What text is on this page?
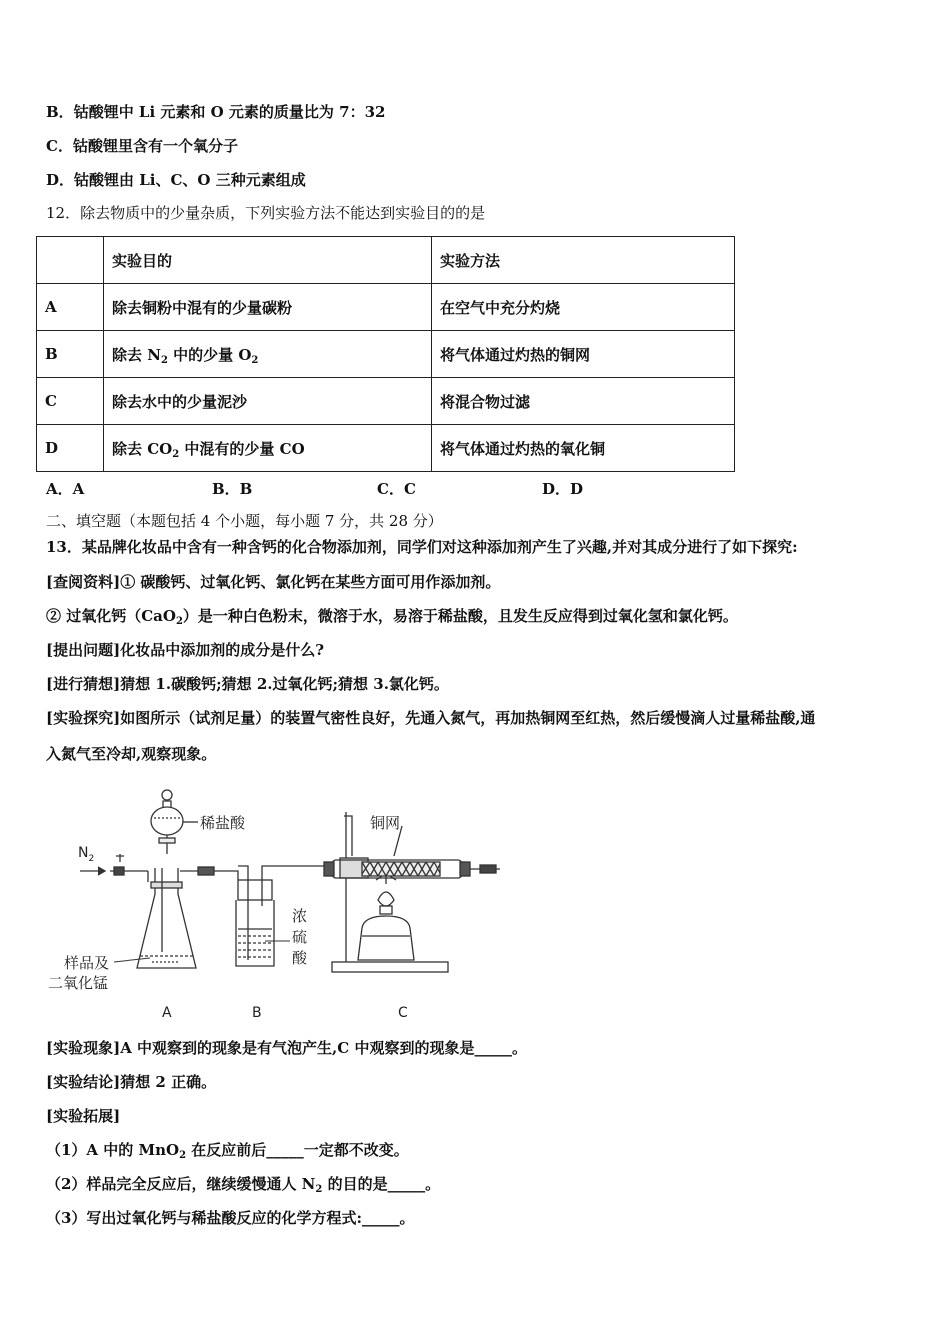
B．钴酸锂中 Li 元素和 O 元素的质量比为 7：32
C．钴酸锂里含有一个氧分子
D．钴酸锂由 Li、C、O 三种元素组成
12．除去物质中的少量杂质，下列实验方法不能达到实验目的的是
	实验目的	实验方法
A	除去铜粉中混有的少量碳粉	在空气中充分灼烧
B	除去 $N_2$ 中的少量 $O_2$	将气体通过灼热的铜网
C	除去水中的少量泥沙	将混合物过滤
D	除去 $CO_2$ 中混有的少量 CO	将气体通过灼热的氧化铜
A．A	B．B	C．C	D．D
二、填空题（本题包括 4 个小题，每小题 7 分，共 28 分）
13．某品牌化妆品中含有一种含钙的化合物添加剂，同学们对这种添加剂产生了兴趣,并对其成分进行了如下探究:
[查阅资料]① 碳酸钙、过氧化钙、氯化钙在某些方面可用作添加剂。
② 过氧化钙（CaO$_2$）是一种白色粉末，微溶于水，易溶于稀盐酸，且发生反应得到过氧化氢和氯化钙。
[提出问题]化妆品中添加剂的成分是什么?
[进行猜想]猜想 1.碳酸钙;猜想 2.过氧化钙;猜想 3.氯化钙。
[实验探究]如图所示（试剂足量）的装置气密性良好，先通入氮气，再加热铜网至红热，然后缓慢滴人过量稀盐酸,通
入氮气至冷却,观察现象。
稀盐酸
$N_2$
样品及
二氧化锰
浓
硫
酸
铜网
A	B	C
[实验现象]A 中观察到的现象是有气泡产生,C 中观察到的现象是_____。
[实验结论]猜想 2 正确。
[实验拓展]
（1）A 中的 MnO$_2$ 在反应前后_____一定都不改变。
（2）样品完全反应后，继续缓慢通人 $N_2$ 的目的是_____。
（3）写出过氧化钙与稀盐酸反应的化学方程式:_____。
